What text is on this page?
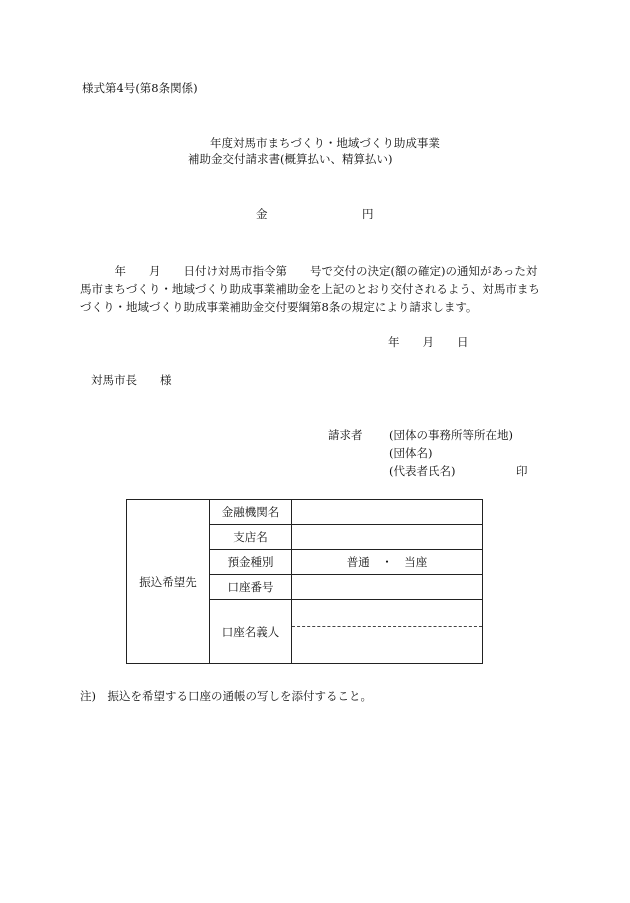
様式第4号(第8条関係)
年度対馬市まちづくり・地域づくり助成事業
補助金交付請求書(概算払い、精算払い)
金	円
　　　年　　月　　日付け対馬市指令第　　号で交付の決定(額の確定)の通知があった対
馬市まちづくり・地域づくり助成事業補助金を上記のとおり交付されるよう、対馬市まち
づくり・地域づくり助成事業補助金交付要綱第8条の規定により請求します。
年　　月　　日
対馬市長　　様
請求者 (団体の事務所等所在地)
(団体名)
(代表者氏名)	印
振込希望先	金融機関名	
	支店名	
	預金種別	普通　・　当座
	口座番号	
	口座名義人	
注)　振込を希望する口座の通帳の写しを添付すること。
